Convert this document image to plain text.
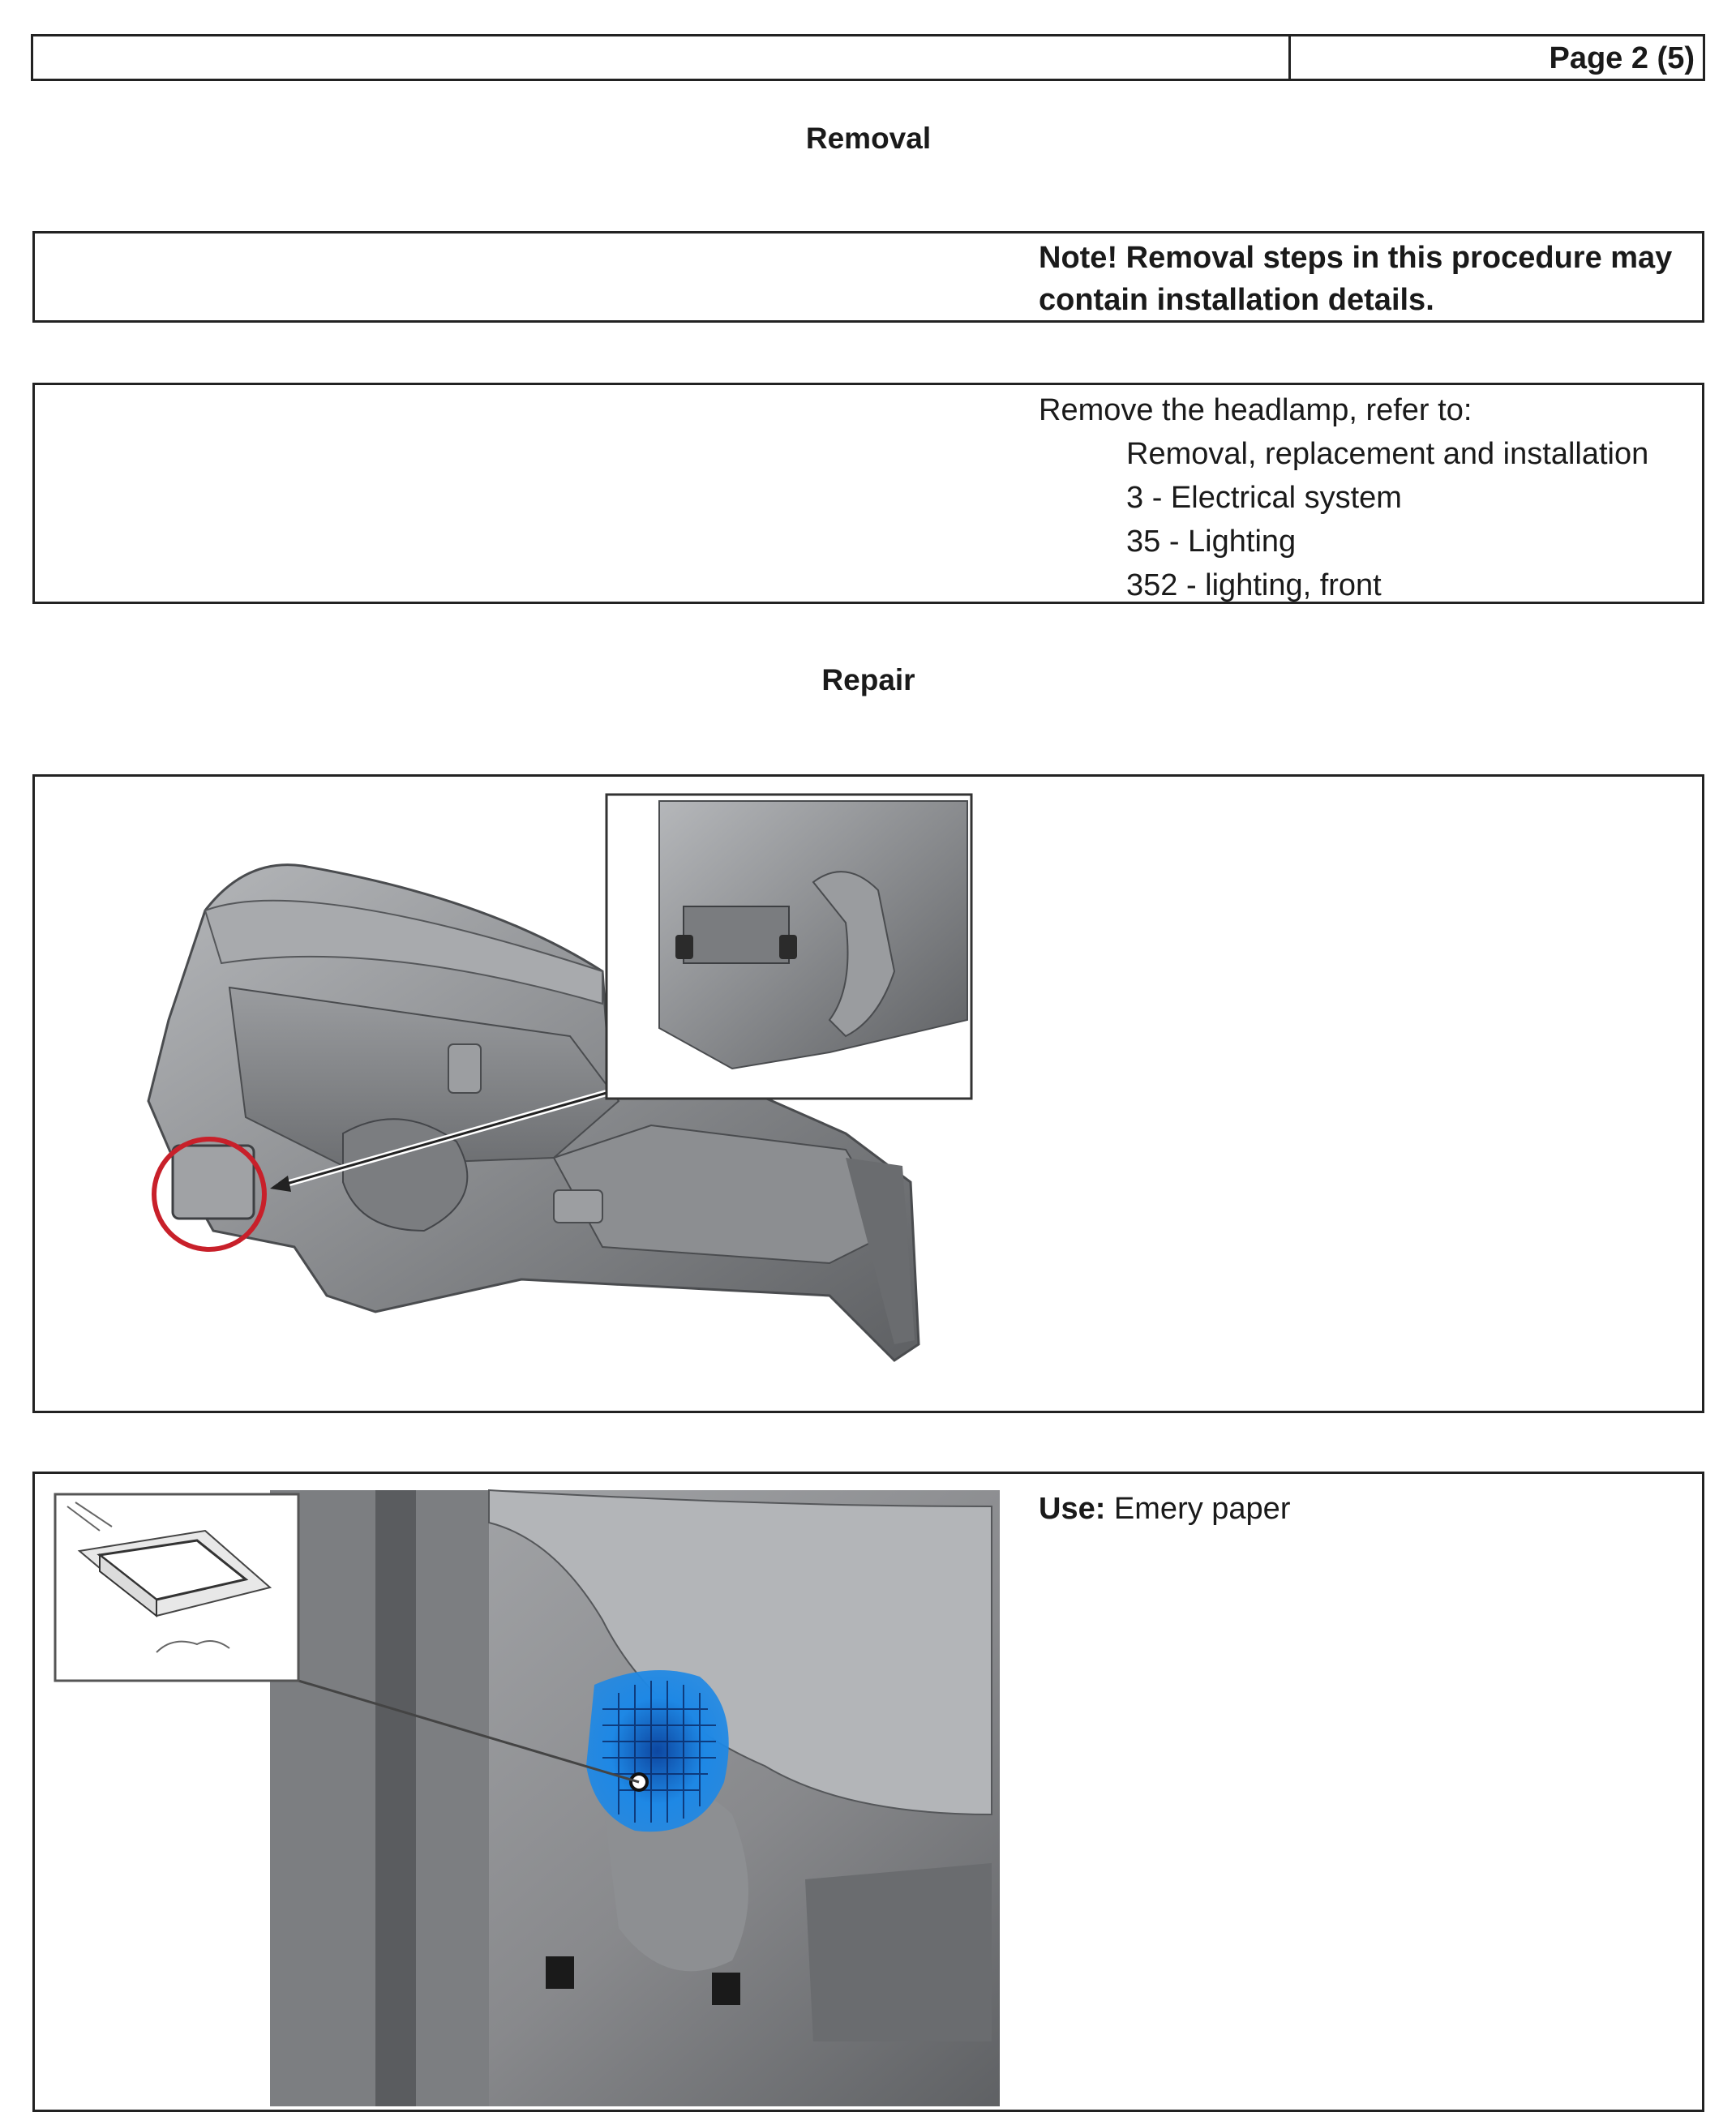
Page 2 (5)
Removal
Note! Removal steps in this procedure may
contain installation details.
Remove the headlamp, refer to:
Removal, replacement and installation
3 - Electrical system
35 - Lighting
352 - lighting, front
Repair
Use: Emery paper
